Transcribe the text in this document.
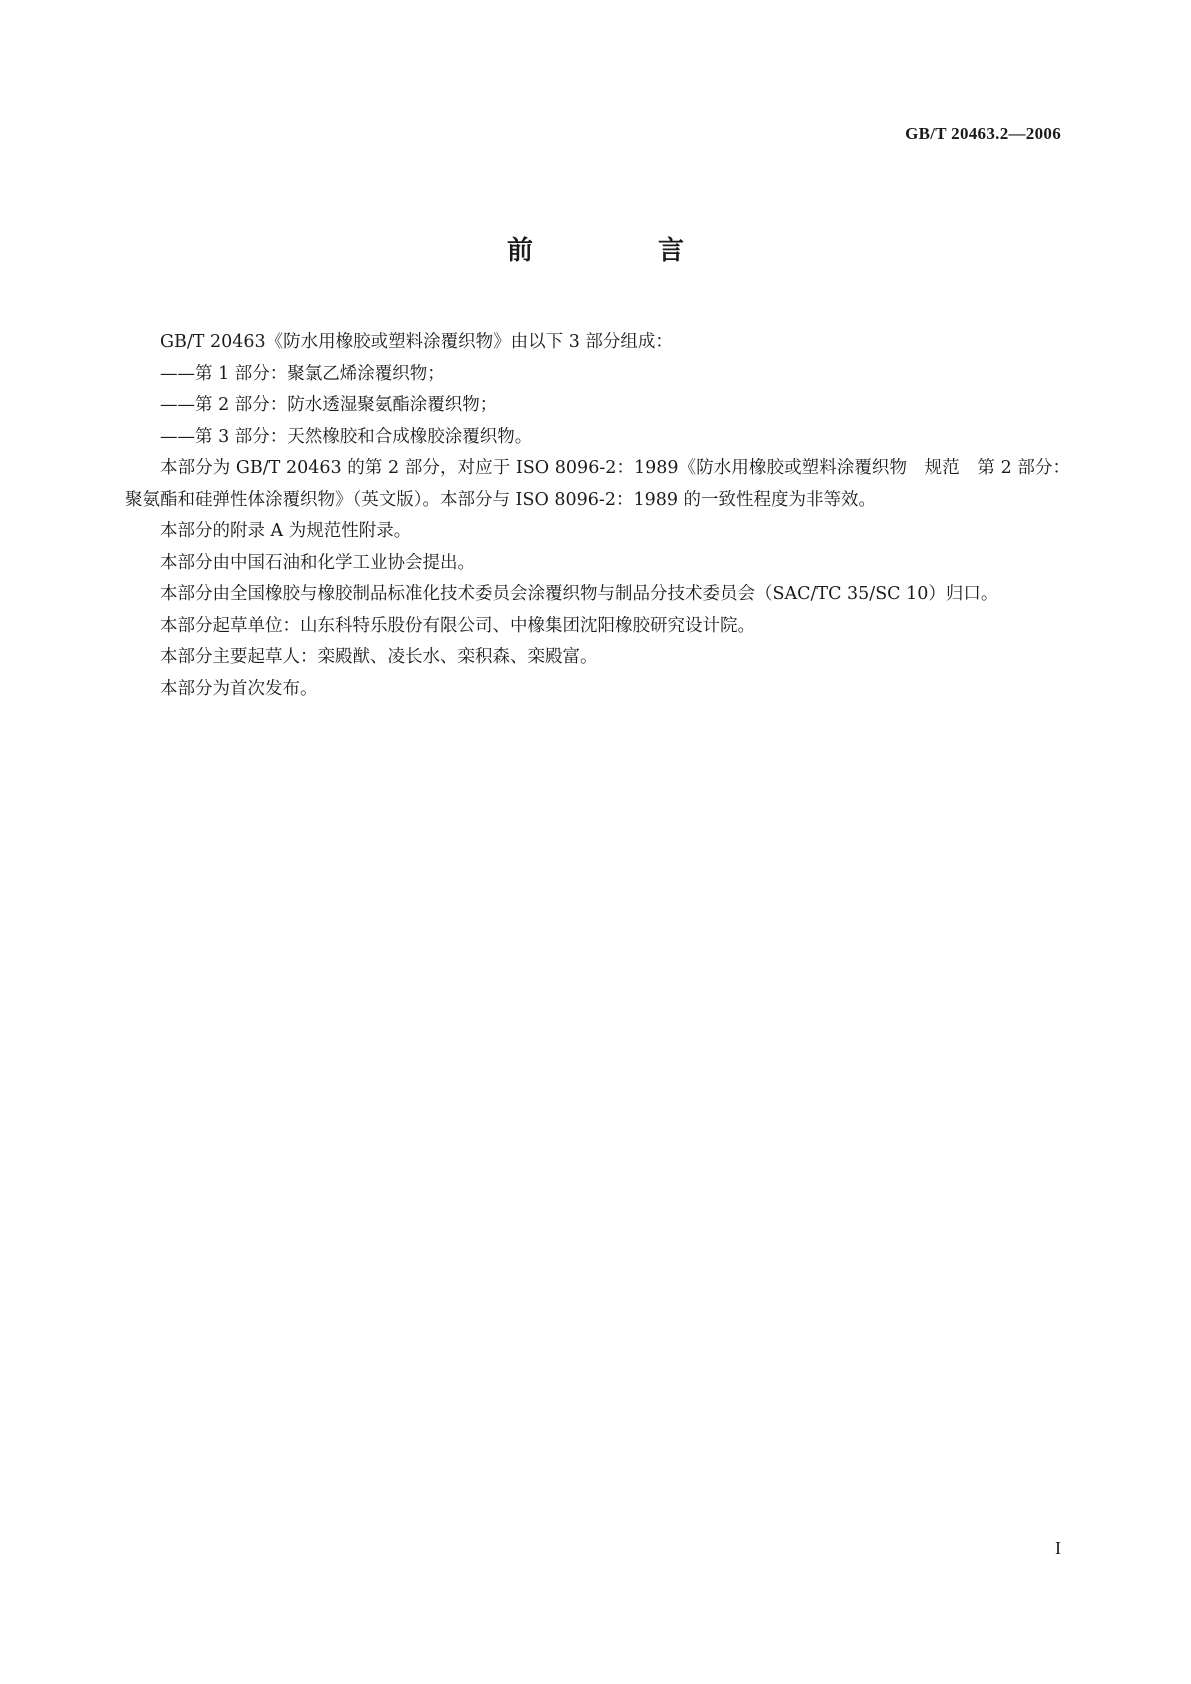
GB/T 20463.2—2006
前 言

GB/T 20463《防水用橡胶或塑料涂覆织物》由以下 3 部分组成：

——第 1 部分：聚氯乙烯涂覆织物；

——第 2 部分：防水透湿聚氨酯涂覆织物；

——第 3 部分：天然橡胶和合成橡胶涂覆织物。

本部分为 GB/T 20463 的第 2 部分，对应于 ISO 8096-2：1989《防水用橡胶或塑料涂覆织物　规范　第 2 部分：聚氨酯和硅弹性体涂覆织物》（英文版）。本部分与 ISO 8096-2：1989 的一致性程度为非等效。

本部分的附录 A 为规范性附录。

本部分由中国石油和化学工业协会提出。

本部分由全国橡胶与橡胶制品标准化技术委员会涂覆织物与制品分技术委员会（SAC/TC 35/SC 10）归口。

本部分起草单位：山东科特乐股份有限公司、中橡集团沈阳橡胶研究设计院。

本部分主要起草人：栾殿猷、凌长水、栾积森、栾殿富。

本部分为首次发布。

I
